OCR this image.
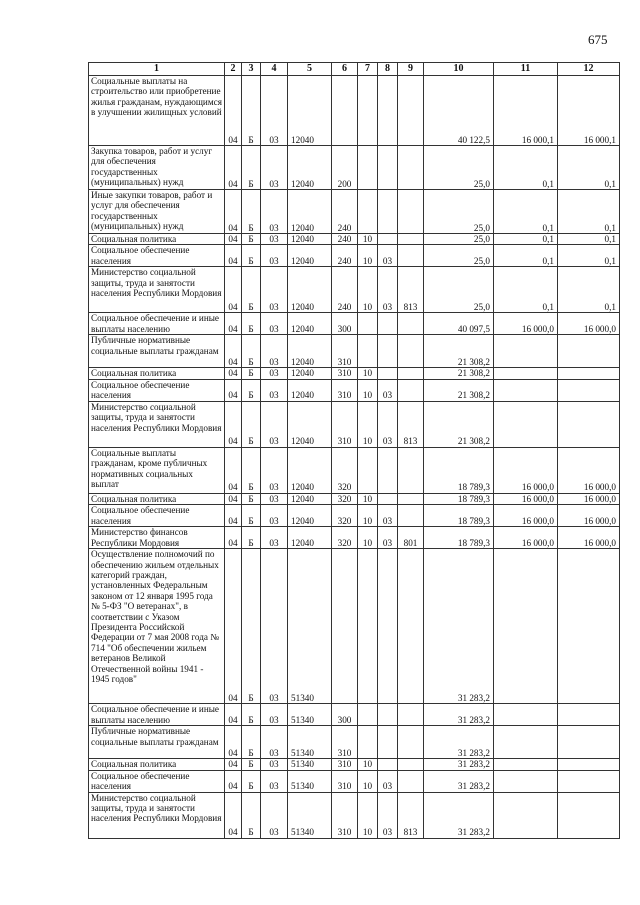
675
1	2	3	4	5	6	7	8	9	10	11	12

Социальные выплаты на строительство или приобретение жилья гражданам, нуждающимся в улучшении жилищных условий	04	Б	03	12040					40 122,5	16 000,1	16 000,1

Закупка товаров, работ и услуг для обеспечения государственных (муниципальных) нужд	04	Б	03	12040	200				25,0	0,1	0,1

Иные закупки товаров, работ и услуг для обеспечения государственных (муниципальных) нужд	04	Б	03	12040	240				25,0	0,1	0,1

Социальная политика	04	Б	03	12040	240	10			25,0	0,1	0,1

Социальное обеспечение населения	04	Б	03	12040	240	10	03		25,0	0,1	0,1

Министерство социальной защиты, труда и занятости населения Республики Мордовия	04	Б	03	12040	240	10	03	813	25,0	0,1	0,1

Социальное обеспечение и иные выплаты населению	04	Б	03	12040	300				40 097,5	16 000,0	16 000,0

Публичные нормативные социальные выплаты гражданам	04	Б	03	12040	310				21 308,2		

Социальная политика	04	Б	03	12040	310	10			21 308,2		

Социальное обеспечение населения	04	Б	03	12040	310	10	03		21 308,2		

Министерство социальной защиты, труда и занятости населения Республики Мордовия	04	Б	03	12040	310	10	03	813	21 308,2		

Социальные выплаты гражданам, кроме публичных нормативных социальных выплат	04	Б	03	12040	320				18 789,3	16 000,0	16 000,0

Социальная политика	04	Б	03	12040	320	10			18 789,3	16 000,0	16 000,0

Социальное обеспечение населения	04	Б	03	12040	320	10	03		18 789,3	16 000,0	16 000,0

Министерство финансов Республики Мордовия	04	Б	03	12040	320	10	03	801	18 789,3	16 000,0	16 000,0

Осуществление полномочий по обеспечению жильем отдельных категорий граждан, установленных Федеральным законом от 12 января 1995 года № 5-ФЗ "О ветеранах", в соответствии с Указом Президента Российской Федерации от 7 мая 2008 года № 714 "Об обеспечении жильем ветеранов Великой Отечественной войны 1941 - 1945 годов"	04	Б	03	51340					31 283,2		

Социальное обеспечение и иные выплаты населению	04	Б	03	51340	300				31 283,2		

Публичные нормативные социальные выплаты гражданам	04	Б	03	51340	310				31 283,2		

Социальная политика	04	Б	03	51340	310	10			31 283,2		

Социальное обеспечение населения	04	Б	03	51340	310	10	03		31 283,2		

Министерство социальной защиты, труда и занятости населения Республики Мордовия	04	Б	03	51340	310	10	03	813	31 283,2		
